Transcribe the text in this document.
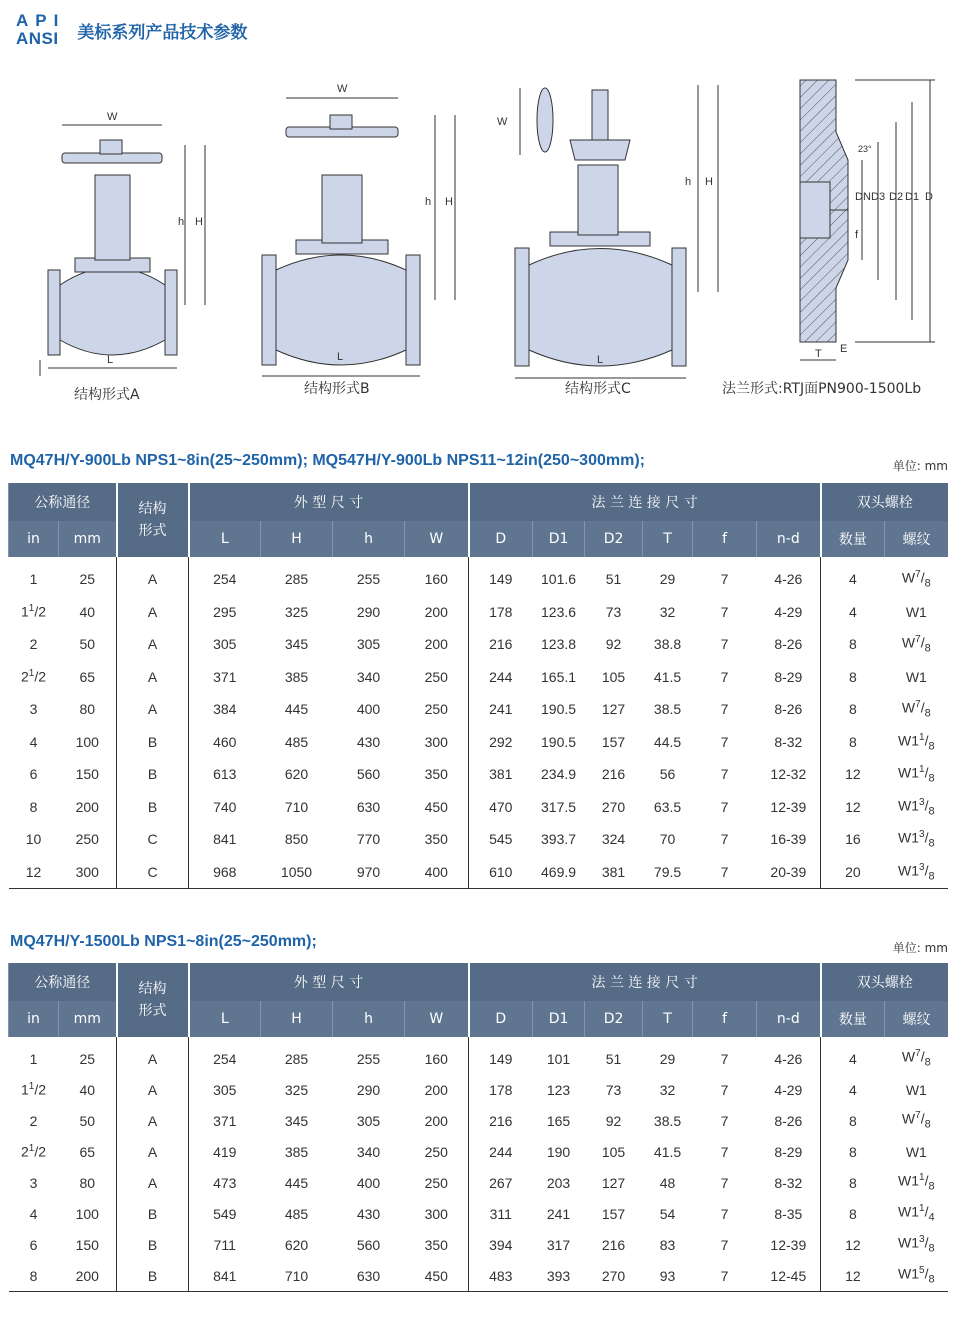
API
ANSI	美标系列产品技术参数
W
L
h H
W
L
h H
W
L
h H
D
D1
D2
D3
DN
f
E
T
23°
结构形式A	结构形式B	结构形式C	法兰形式:RTJ面PN900-1500Lb
MQ47H/Y-900Lb NPS1~8in(25~250mm); MQ547H/Y-900Lb NPS11~12in(250~300mm);	单位: mm
公称通径		结构形式	外 型 尺 寸				法 兰 连 接 尺 寸						双头螺栓	
in	mm		L	H	h	W	D	D1	D2	T	f	n-d	数量	螺纹
1	25	A	254	285	255	160	149	101.6	51	29	7	4-26	4	$W^7/_8$
$1^1/2$	40	A	295	325	290	200	178	123.6	73	32	7	4-29	4	W1
2	50	A	305	345	305	200	216	123.8	92	38.8	7	8-26	8	$W^7/_8$
$2^1/2$	65	A	371	385	340	250	244	165.1	105	41.5	7	8-29	8	W1
3	80	A	384	445	400	250	241	190.5	127	38.5	7	8-26	8	$W^7/_8$
4	100	B	460	485	430	300	292	190.5	157	44.5	7	8-32	8	$W1^1/_8$
6	150	B	613	620	560	350	381	234.9	216	56	7	12-32	12	$W1^1/_8$
8	200	B	740	710	630	450	470	317.5	270	63.5	7	12-39	12	$W1^3/_8$
10	250	C	841	850	770	350	545	393.7	324	70	7	16-39	16	$W1^3/_8$
12	300	C	968	1050	970	400	610	469.9	381	79.5	7	20-39	20	$W1^3/_8$
MQ47H/Y-1500Lb NPS1~8in(25~250mm);	单位: mm
公称通径		结构形式	外 型 尺 寸				法 兰 连 接 尺 寸						双头螺栓	
in	mm		L	H	h	W	D	D1	D2	T	f	n-d	数量	螺纹
1	25	A	254	285	255	160	149	101	51	29	7	4-26	4	$W^7/_8$
$1^1/2$	40	A	305	325	290	200	178	123	73	32	7	4-29	4	W1
2	50	A	371	345	305	200	216	165	92	38.5	7	8-26	8	$W^7/_8$
$2^1/2$	65	A	419	385	340	250	244	190	105	41.5	7	8-29	8	W1
3	80	A	473	445	400	250	267	203	127	48	7	8-32	8	$W1^1/_8$
4	100	B	549	485	430	300	311	241	157	54	7	8-35	8	$W1^1/_4$
6	150	B	711	620	560	350	394	317	216	83	7	12-39	12	$W1^3/_8$
8	200	B	841	710	630	450	483	393	270	93	7	12-45	12	$W1^5/_8$
